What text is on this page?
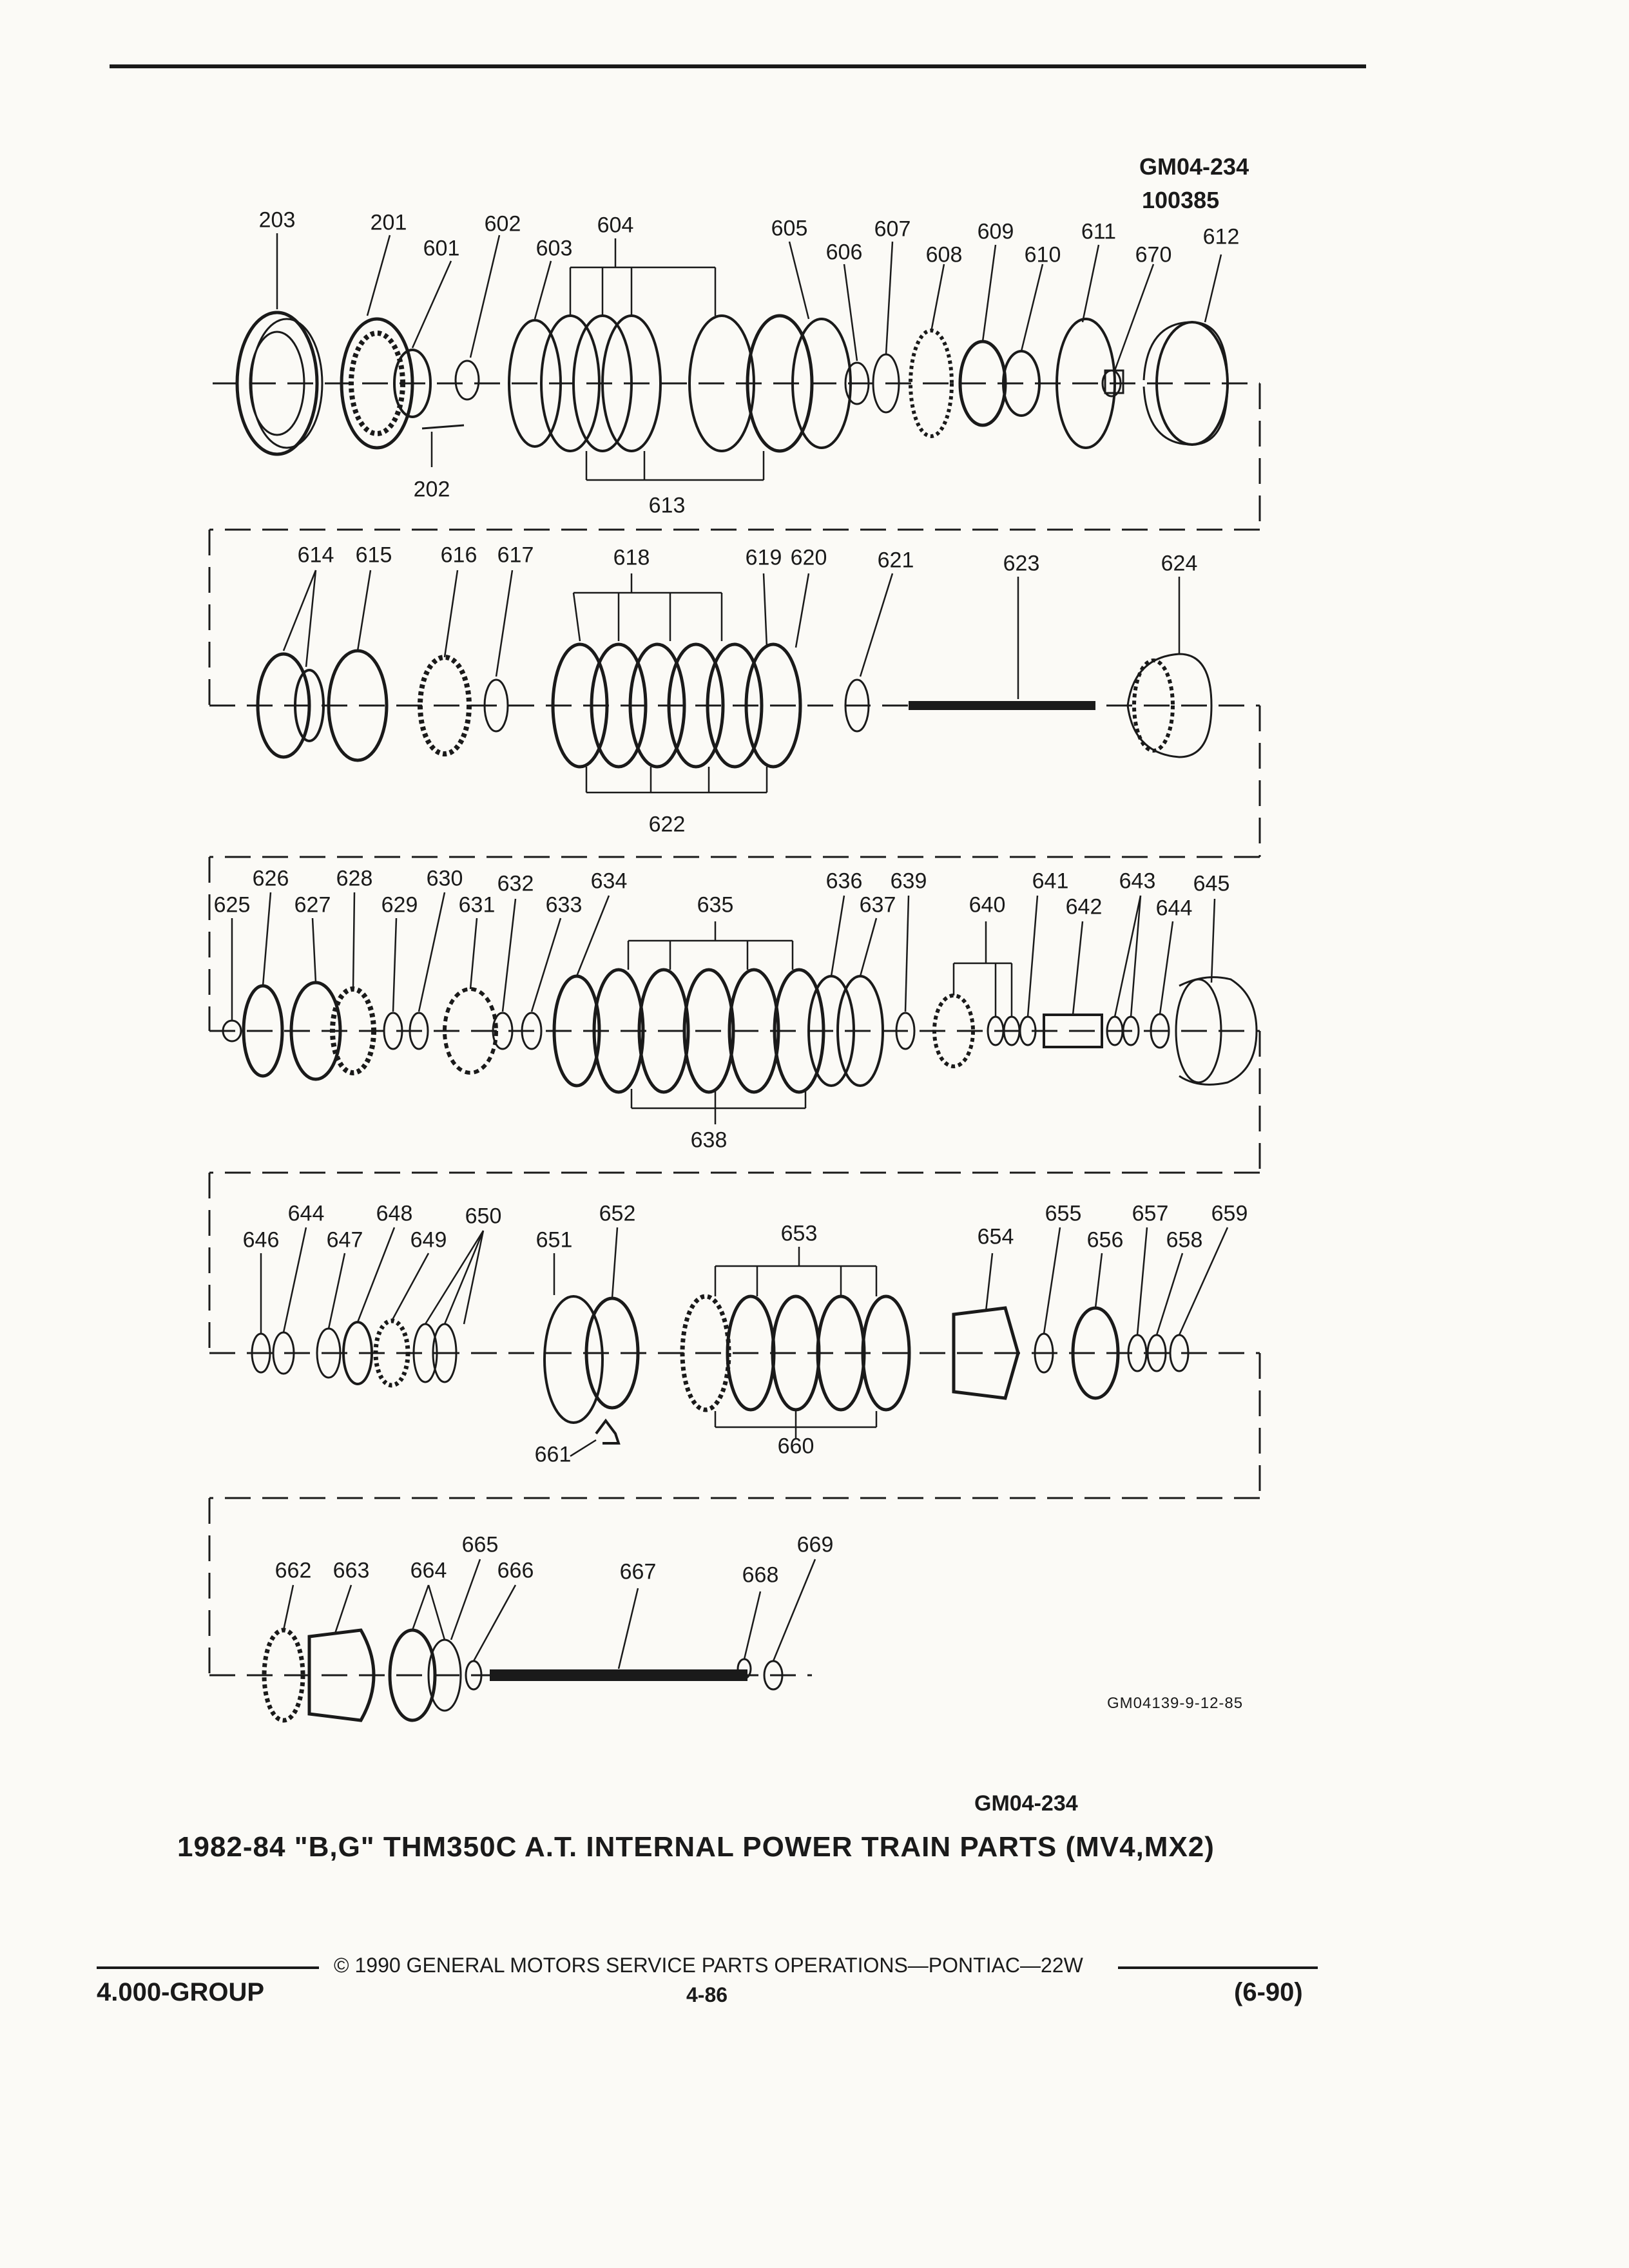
GM04-234
100385
203	201
601
602
603
604	605
606
607
608
609
610
611
670
612
202
613
614 615 616 617	618	619 620 621	623	624
622
625
626
627
628
629
630
631
632
633
634
635
636
637
639
640
641
642
643
644
645
638
646
644
647
648
649
650
651
652
653	654
655
656
657
658
659
661	660
662 663 664
665
666	667	668
669
GM04139-9-12-85
GM04-234
1982-84 "B,G" THM350C A.T. INTERNAL POWER TRAIN PARTS (MV4,MX2)
© 1990 GENERAL MOTORS SERVICE PARTS OPERATIONS—PONTIAC—22W
4.000-GROUP	4-86	(6-90)
